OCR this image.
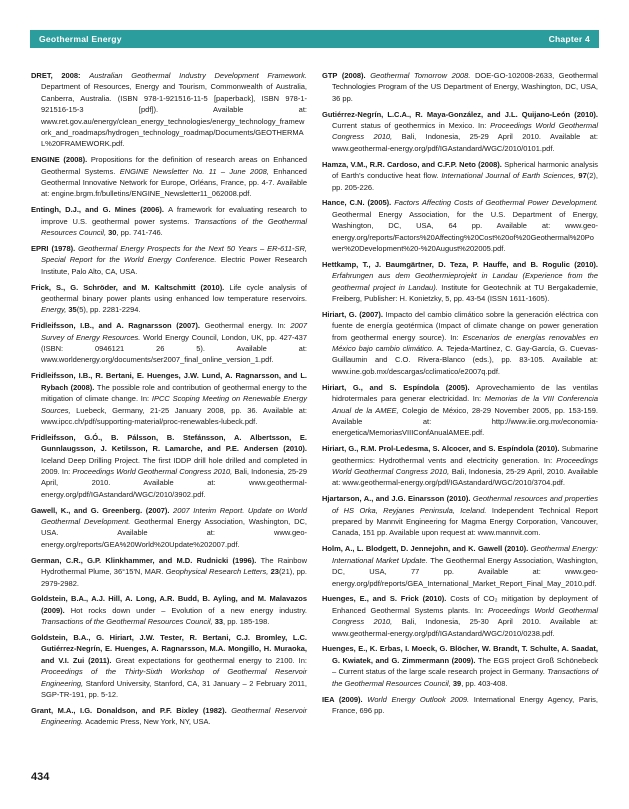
Geothermal Energy	Chapter 4

DRET, 2008: Australian Geothermal Industry Development Framework. Department of Resources, Energy and Tourism, Commonwealth of Australia, Canberra, Australia. (ISBN 978-1-921516-11-5 [paperback], ISBN 978-1-921516-15-3 [pdf]). Available at: www.ret.gov.au/energy/clean_energy_technologies/energy_technology_framework_and_roadmaps/hydrogen_technology_roadmap/Documents/GEOTHERMAL%20FRAMEWORK.pdf.

ENGINE (2008). Propositions for the definition of research areas on Enhanced Geothermal Systems. ENGINE Newsletter No. 11 – June 2008, Enhanced Geothermal Innovative Network for Europe, Orléans, France, pp. 4-7. Available at: engine.brgm.fr/bulletins/ENGINE_Newsletter11_062008.pdf.

Entingh, D.J., and G. Mines (2006). A framework for evaluating research to improve U.S. geothermal power systems. Transactions of the Geothermal Resources Council, 30, pp. 741-746.

EPRI (1978). Geothermal Energy Prospects for the Next 50 Years – ER-611-SR, Special Report for the World Energy Conference. Electric Power Research Institute, Palo Alto, CA, USA.

Frick, S., G. Schröder, and M. Kaltschmitt (2010). Life cycle analysis of geothermal binary power plants using enhanced low temperature reservoirs. Energy, 35(5), pp. 2281-2294.

Fridleifsson, I.B., and A. Ragnarsson (2007). Geothermal energy. In: 2007 Survey of Energy Resources. World Energy Council, London, UK, pp. 427-437 (ISBN: 0946121 26 5). Available at: www.worldenergy.org/documents/ser2007_final_online_version_1.pdf.

Fridleifsson, I.B., R. Bertani, E. Huenges, J.W. Lund, A. Ragnarsson, and L. Rybach (2008). The possible role and contribution of geothermal energy to the mitigation of climate change. In: IPCC Scoping Meeting on Renewable Energy Sources, Luebeck, Germany, 21-25 January 2008, pp. 36. Available at: www.ipcc.ch/pdf/supporting-material/proc-renewables-lubeck.pdf.

Fridleifsson, G.Ó., B. Pálsson, B. Stefánsson, A. Albertsson, E. Gunnlaugsson, J. Ketilsson, R. Lamarche, and P.E. Andersen (2010). Iceland Deep Drilling Project. The first IDDP drill hole drilled and completed in 2009. In: Proceedings World Geothermal Congress 2010, Bali, Indonesia, 25-29 April, 2010. Available at: www.geothermal-energy.org/pdf/IGAstandard/WGC/2010/3902.pdf.

Gawell, K., and G. Greenberg. (2007). 2007 Interim Report. Update on World Geothermal Development. Geothermal Energy Association, Washington, DC, USA. Available at: www.geo-energy.org/reports/GEA%20World%20Update%202007.pdf.

German, C.R., G.P. Klinkhammer, and M.D. Rudnicki (1996). The Rainbow Hydrothermal Plume, 36°15'N, MAR. Geophysical Research Letters, 23(21), pp. 2979-2982.

Goldstein, B.A., A.J. Hill, A. Long, A.R. Budd, B. Ayling, and M. Malavazos (2009). Hot rocks down under – Evolution of a new energy industry. Transactions of the Geothermal Resources Council, 33, pp. 185-198.

Goldstein, B.A., G. Hiriart, J.W. Tester, R. Bertani, C.J. Bromley, L.C. Gutiérrez-Negrín, E. Huenges, A. Ragnarsson, M.A. Mongillo, H. Muraoka, and V.I. Zui (2011). Great expectations for geothermal energy to 2100. In: Proceedings of the Thirty-Sixth Workshop of Geothermal Reservoir Engineering, Stanford University, Stanford, CA, 31 January – 2 February 2011, SGP-TR-191, pp. 5-12.

Grant, M.A., I.G. Donaldson, and P.F. Bixley (1982). Geothermal Reservoir Engineering. Academic Press, New York, NY, USA.

GTP (2008). Geothermal Tomorrow 2008. DOE-GO-102008-2633, Geothermal Technologies Program of the US Department of Energy, Washington, DC, USA, 36 pp.

Gutiérrez-Negrín, L.C.A., R. Maya-González, and J.L. Quijano-León (2010). Current status of geothermics in Mexico. In: Proceedings World Geothermal Congress 2010, Bali, Indonesia, 25-29 April 2010. Available at: www.geothermal-energy.org/pdf/IGAstandard/WGC/2010/0101.pdf.

Hamza, V.M., R.R. Cardoso, and C.F.P. Neto (2008). Spherical harmonic analysis of Earth's conductive heat flow. International Journal of Earth Sciences, 97(2), pp. 205-226.

Hance, C.N. (2005). Factors Affecting Costs of Geothermal Power Development. Geothermal Energy Association, for the U.S. Department of Energy, Washington, DC, USA, 64 pp. Available at: www.geo-energy.org/reports/Factors%20Affecting%20Cost%20of%20Geothermal%20Power%20Development%20-%20August%202005.pdf.

Hettkamp, T., J. Baumgärtner, D. Teza, P. Hauffe, and B. Rogulic (2010). Erfahrungen aus dem Geothermieprojekt in Landau (Experience from the geothermal project in Landau). Institute for Geotechnik at TU Bergakademie, Freiberg, Publisher: H. Konietzky, 5, pp. 43-54 (ISSN 1611-1605).

Hiriart, G. (2007). Impacto del cambio climático sobre la generación eléctrica con fuente de energía geotérmica (Impact of climate change on power generation from geothermal energy source). In: Escenarios de energías renovables en México bajo cambio climático. A. Tejeda-Martínez, C. Gay-García, G. Cuevas-Guillaumin and C.O. Rivera-Blanco (eds.), pp. 83-105. Available at: www.ine.gob.mx/descargas/cclimatico/e2007q.pdf.

Hiriart, G., and S. Espíndola (2005). Aprovechamiento de las ventilas hidrotermales para generar electricidad. In: Memorias de la VIII Conferencia Anual de la AMEE, Colegio de México, 28-29 November 2005, pp. 153-159. Available at: http://www.iie.org.mx/economia-energetica/MemoriasVIIIConfAnualAMEE.pdf.

Hiriart, G., R.M. Prol-Ledesma, S. Alcocer, and S. Espíndola (2010). Submarine geothermics: Hydrothermal vents and electricity generation. In: Proceedings World Geothermal Congress 2010, Bali, Indonesia, 25-29 April, 2010. Available at: www.geothermal-energy.org/pdf/IGAstandard/WGC/2010/3704.pdf.

Hjartarson, A., and J.G. Einarsson (2010). Geothermal resources and properties of HS Orka, Reyjanes Peninsula, Iceland. Independent Technical Report prepared by Mannvit Engineering for Magma Energy Corporation, Vancouver, Canada, 151 pp. Available upon request at: www.mannvit.com.

Holm, A., L. Blodgett, D. Jennejohn, and K. Gawell (2010). Geothermal Energy: International Market Update. The Geothermal Energy Association, Washington, DC, USA, 77 pp. Available at: www.geo-energy.org/pdf/reports/GEA_International_Market_Report_Final_May_2010.pdf.

Huenges, E., and S. Frick (2010). Costs of CO₂ mitigation by deployment of Enhanced Geothermal Systems plants. In: Proceedings World Geothermal Congress 2010, Bali, Indonesia, 25-30 April 2010. Available at: www.geothermal-energy.org/pdf/IGAstandard/WGC/2010/0238.pdf.

Huenges, E., K. Erbas, I. Moeck, G. Blöcher, W. Brandt, T. Schulte, A. Saadat, G. Kwiatek, and G. Zimmermann (2009). The EGS project Groß Schönebeck – Current status of the large scale research project in Germany. Transactions of the Geothermal Resources Council, 39, pp. 403-408.

IEA (2009). World Energy Outlook 2009. International Energy Agency, Paris, France, 696 pp.

434
